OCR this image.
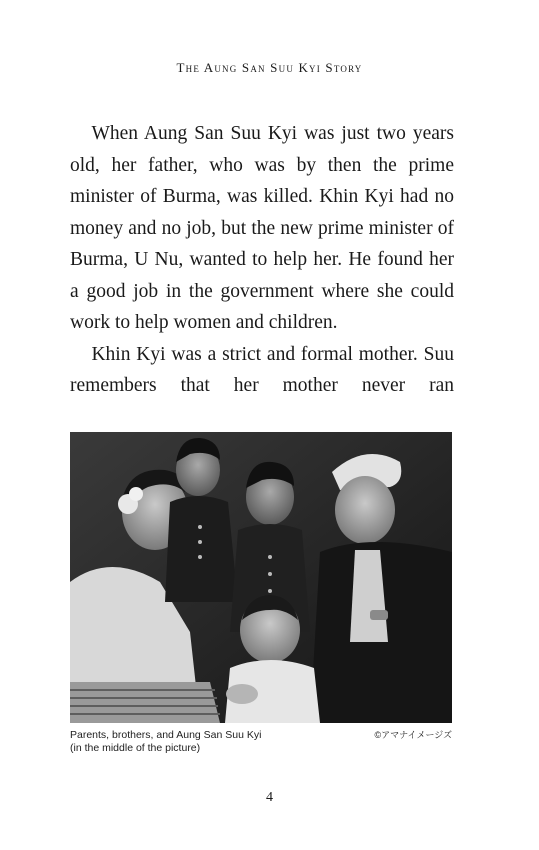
The Aung San Suu Kyi Story

When Aung San Suu Kyi was just two years old, her father, who was by then the prime minister of Burma, was killed. Khin Kyi had no money and no job, but the new prime minister of Burma, U Nu, wanted to help her. He found her a good job in the government where she could work to help women and children.

Khin Kyi was a strict and formal mother. Suu remembers that her mother never ran

Parents, brothers, and Aung San Suu Kyi
(in the middle of the picture)
©アマナイメージズ
4
